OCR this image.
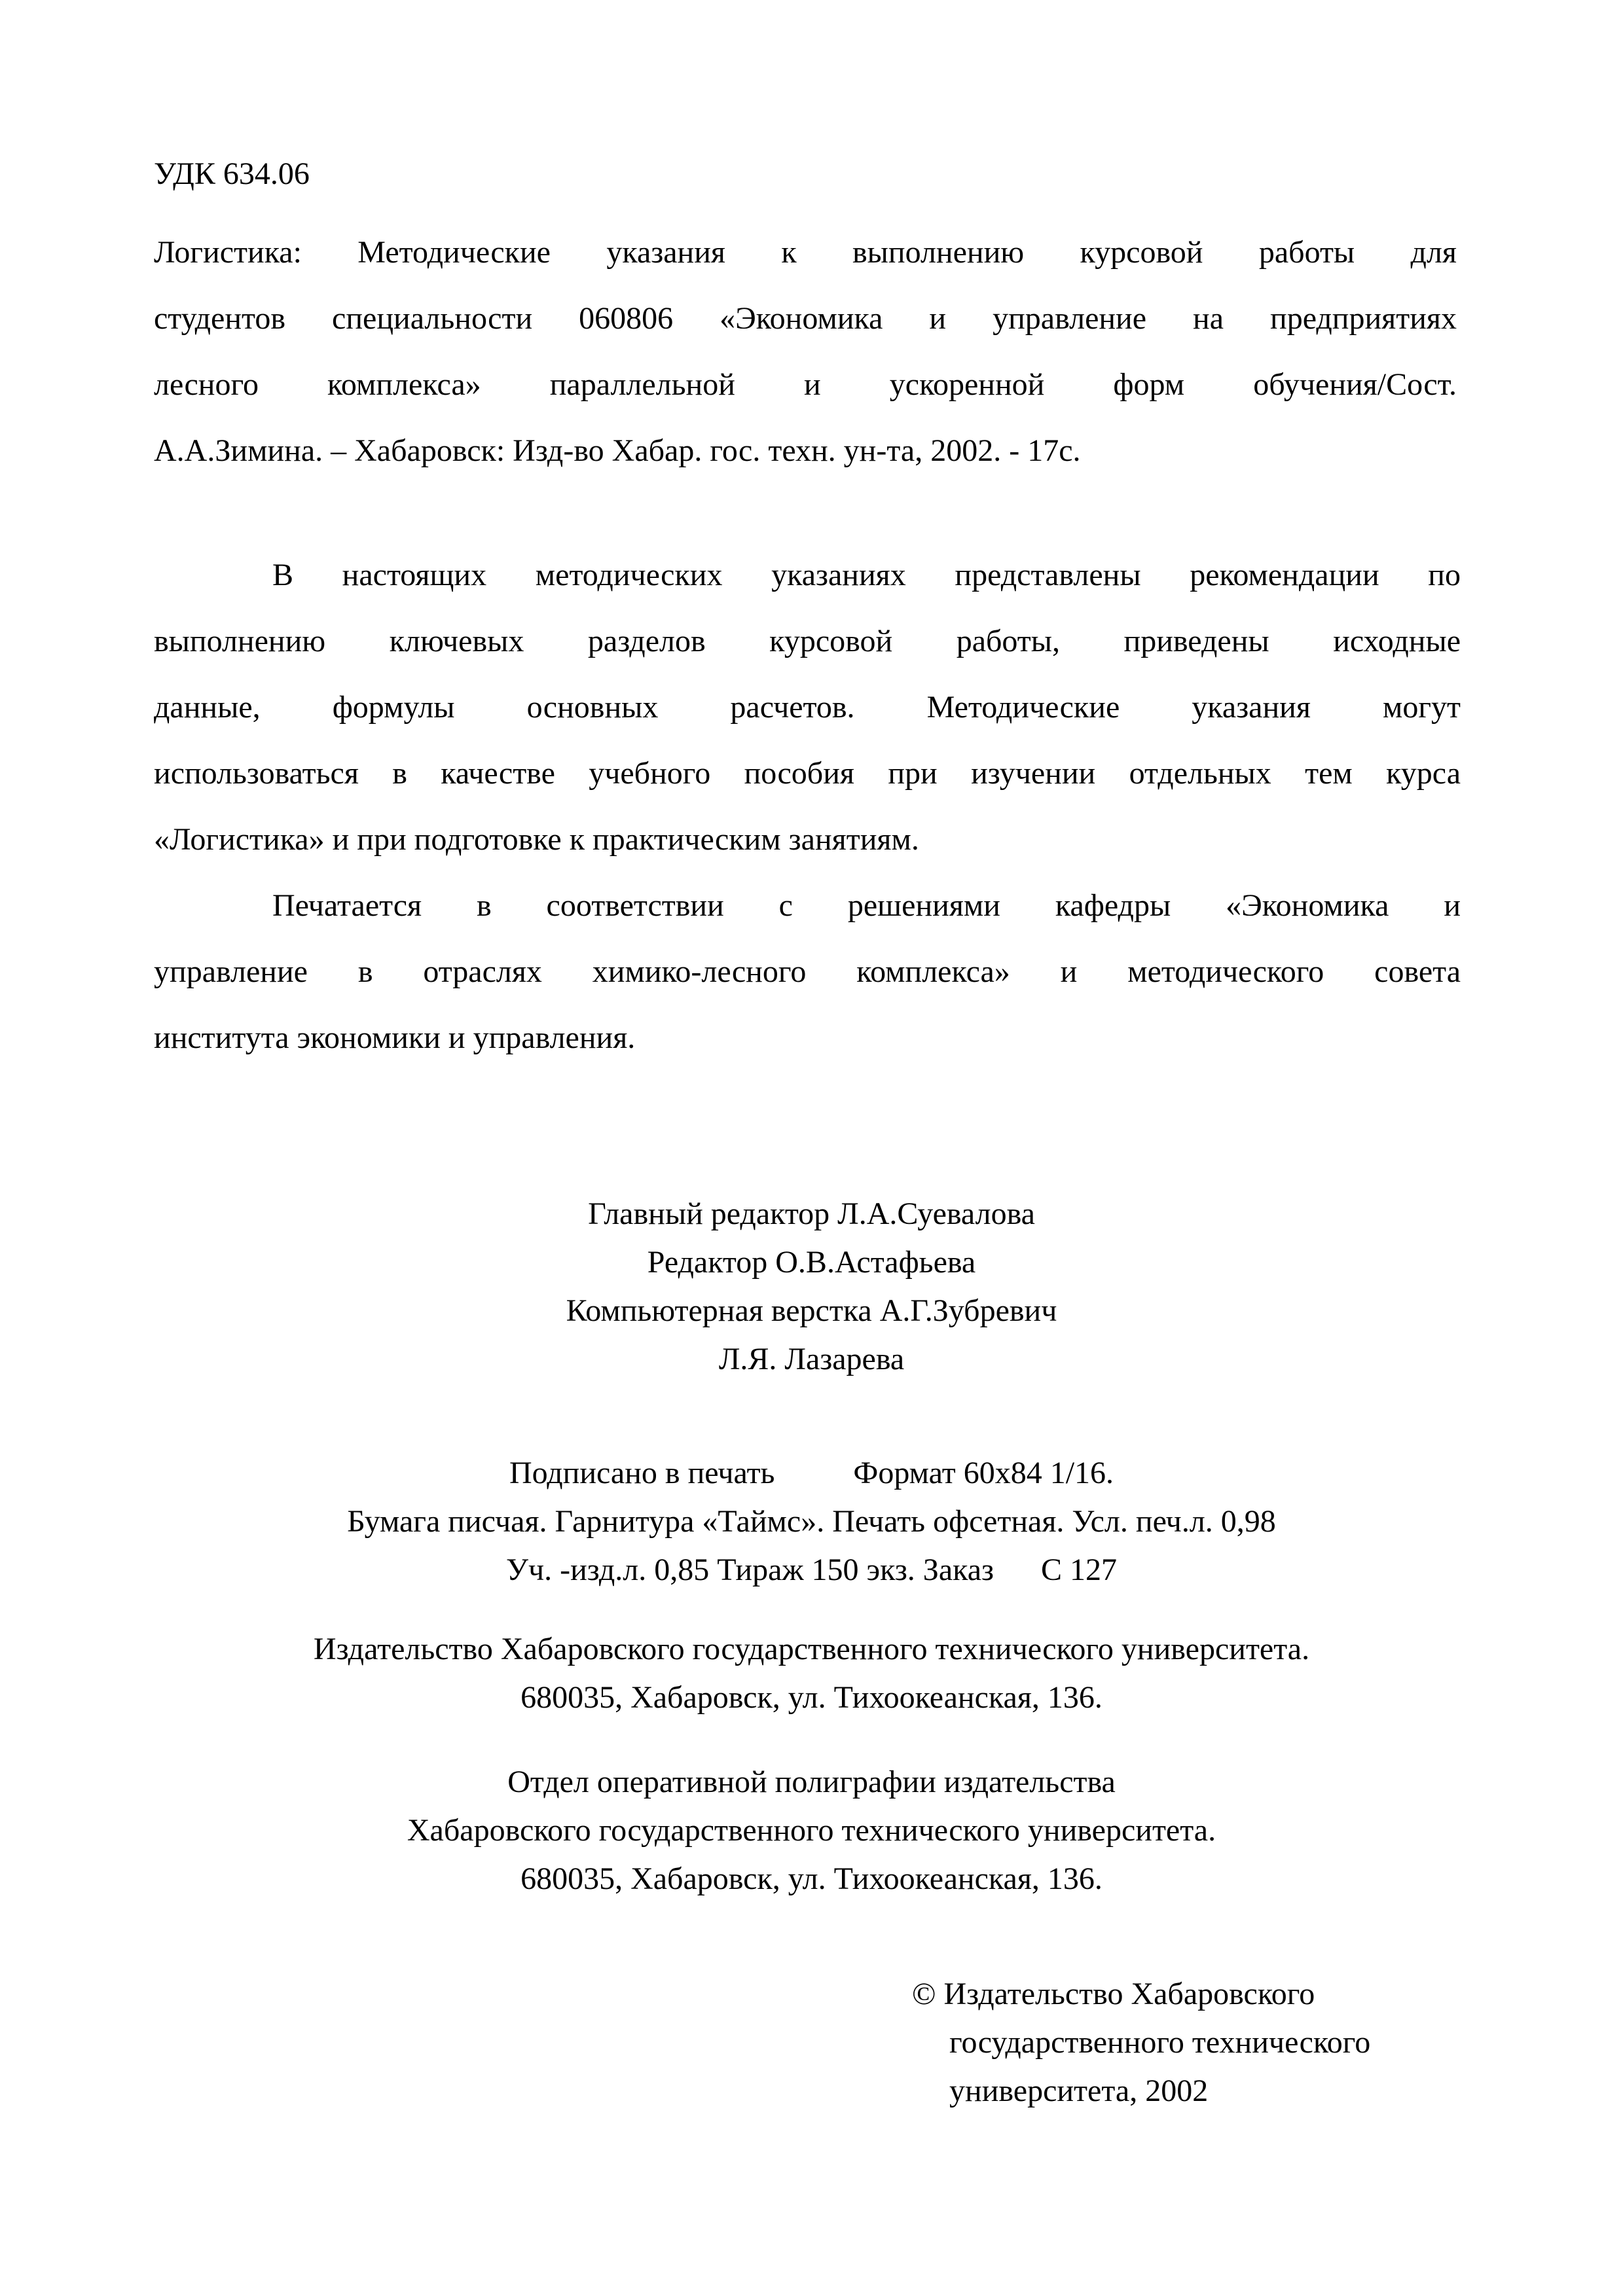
УДК 634.06
Логистика: Методические указания к выполнению курсовой работы для
студентов специальности 060806 «Экономика и управление на предприятиях
лесного комплекса» параллельной и ускоренной форм обучения/Сост.
А.А.Зимина. – Хабаровск: Изд-во Хабар. гос. техн. ун-та, 2002. - 17с.
В настоящих методических указаниях представлены рекомендации по
выполнению ключевых разделов курсовой работы, приведены исходные
данные, формулы основных расчетов. Методические указания могут
использоваться в качестве учебного пособия при изучении отдельных тем курса
«Логистика» и при подготовке к практическим занятиям.
Печатается в соответствии с решениями кафедры «Экономика и
управление в отраслях химико-лесного комплекса» и методического совета
института экономики и управления.
Главный редактор Л.А.Суевалова
Редактор О.В.Астафьева
Компьютерная верстка А.Г.Зубревич
Л.Я. Лазарева
Подписано в печать          Формат 60х84 1/16.
Бумага писчая. Гарнитура «Таймс». Печать офсетная. Усл. печ.л. 0,98
Уч. -изд.л. 0,85 Тираж 150 экз. Заказ      С 127
Издательство Хабаровского государственного технического университета.
680035, Хабаровск, ул. Тихоокеанская, 136.
Отдел оперативной полиграфии издательства
Хабаровского государственного технического университета.
680035, Хабаровск, ул. Тихоокеанская, 136.
© Издательство Хабаровского
государственного технического
университета, 2002
